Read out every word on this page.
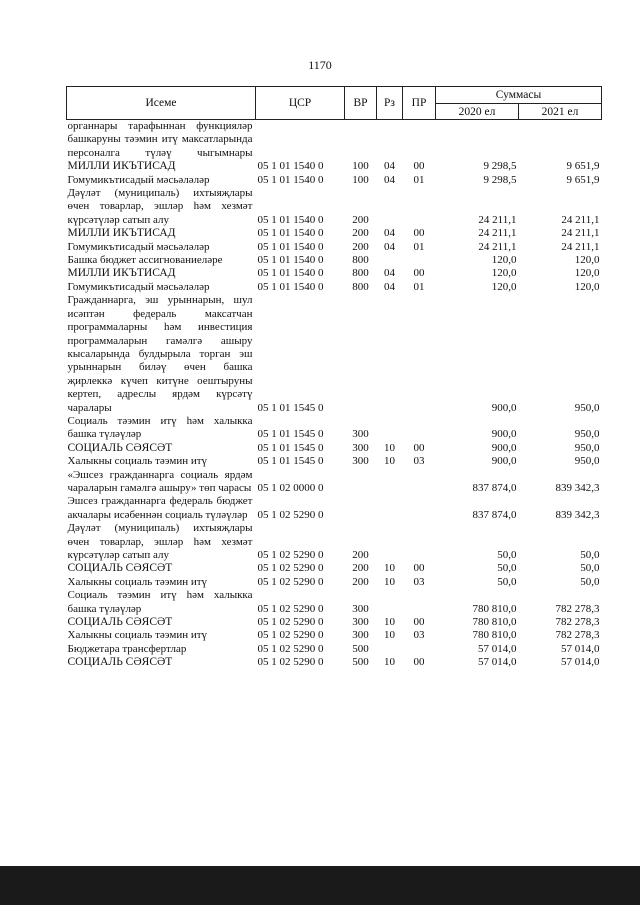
1170
Исеме	ЦСР	ВР	Рз	ПР	Суммасы	
					2020 ел	2021 ел
органнары тарафыннан функцияләр башкаруны тәэмин итү максатларында персоналга түләү чыгымнары						
МИЛЛИ ИКЪТИСАД	05 1 01 1540 0	100	04	00	9 298,5	9 651,9
Гомумикътисадый мәсьәләләр	05 1 01 1540 0	100	04	01	9 298,5	9 651,9
Дәүләт (муниципаль) ихтыяҗлары өчен товарлар, эшләр һәм хезмәт күрсәтүләр сатып алу	05 1 01 1540 0	200			24 211,1	24 211,1
МИЛЛИ ИКЪТИСАД	05 1 01 1540 0	200	04	00	24 211,1	24 211,1
Гомумикътисадый мәсьәләләр	05 1 01 1540 0	200	04	01	24 211,1	24 211,1
Башка бюджет ассигнованиеләре	05 1 01 1540 0	800			120,0	120,0
МИЛЛИ ИКЪТИСАД	05 1 01 1540 0	800	04	00	120,0	120,0
Гомумикътисадый мәсьәләләр	05 1 01 1540 0	800	04	01	120,0	120,0
Гражданнарга, эш урыннарын, шул исәптән федераль максатчан программаларны һәм инвестиция программаларын гамәлгә ашыру кысаларында булдырыла торган эш урыннарын биләү өчен башка җирлеккә күчеп китүне оештыруны кертеп, адреслы ярдәм күрсәтү чаралары	05 1 01 1545 0				900,0	950,0
Социаль тәэмин итү һәм халыкка башка түләүләр	05 1 01 1545 0	300			900,0	950,0
СОЦИАЛЬ СӘЯСӘТ	05 1 01 1545 0	300	10	00	900,0	950,0
Халыкны социаль тәэмин итү	05 1 01 1545 0	300	10	03	900,0	950,0
«Эшсез гражданнарга социаль ярдәм чараларын гамәлгә ашыру» төп чарасы	05 1 02 0000 0				837 874,0	839 342,3
Эшсез гражданнарга федераль бюджет акчалары исәбеннән социаль түләүләр	05 1 02 5290 0				837 874,0	839 342,3
Дәүләт (муниципаль) ихтыяҗлары өчен товарлар, эшләр һәм хезмәт күрсәтүләр сатып алу	05 1 02 5290 0	200			50,0	50,0
СОЦИАЛЬ СӘЯСӘТ	05 1 02 5290 0	200	10	00	50,0	50,0
Халыкны социаль тәэмин итү	05 1 02 5290 0	200	10	03	50,0	50,0
Социаль тәэмин итү һәм халыкка башка түләүләр	05 1 02 5290 0	300			780 810,0	782 278,3
СОЦИАЛЬ СӘЯСӘТ	05 1 02 5290 0	300	10	00	780 810,0	782 278,3
Халыкны социаль тәэмин итү	05 1 02 5290 0	300	10	03	780 810,0	782 278,3
Бюджетара трансфертлар	05 1 02 5290 0	500			57 014,0	57 014,0
СОЦИАЛЬ СӘЯСӘТ	05 1 02 5290 0	500	10	00	57 014,0	57 014,0
